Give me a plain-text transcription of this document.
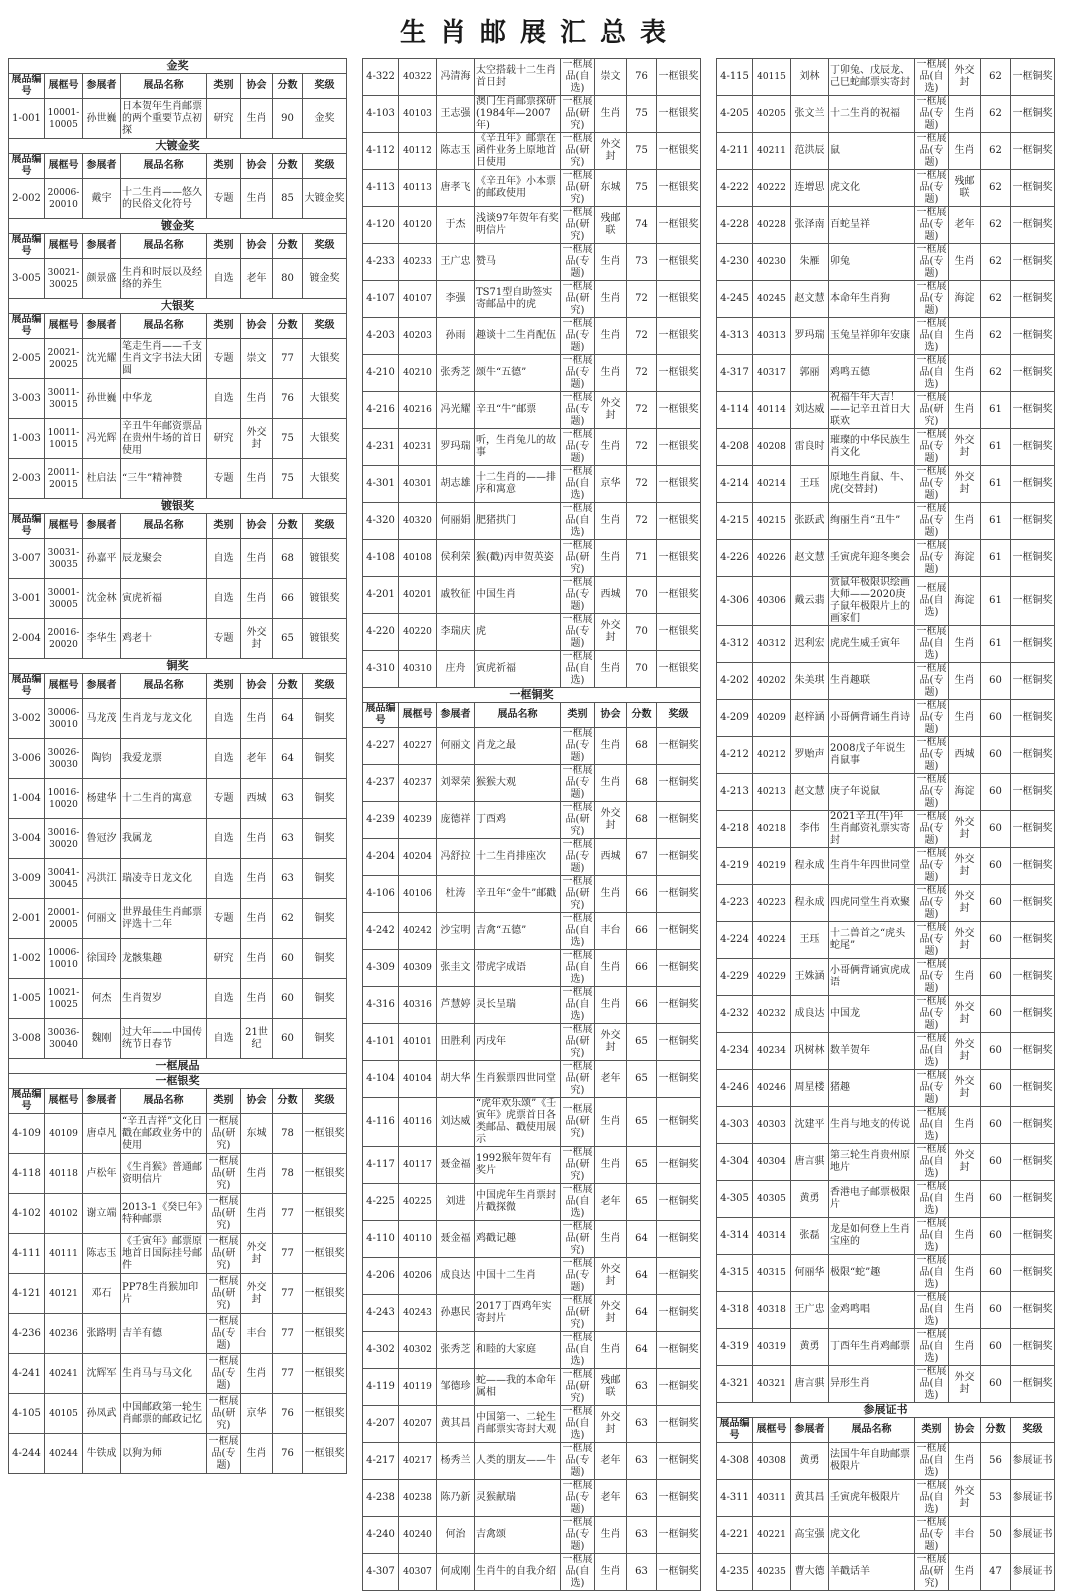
生肖邮展汇总表
金奖							
展品编号	展框号	参展者	展品名称	类别	协会	分数	奖级
1-001	10001-10005	孙世巍	日本贺年生肖邮票的两个重要节点初探	研究	生肖	90	金奖
大镀金奖							
展品编号	展框号	参展者	展品名称	类别	协会	分数	奖级
2-002	20006-20010	戴宇	十二生肖——悠久的民俗文化符号	专题	生肖	85	大镀金奖
镀金奖							
展品编号	展框号	参展者	展品名称	类别	协会	分数	奖级
3-005	30021-30025	颜景盛	生肖和时辰以及经络的养生	自选	老年	80	镀金奖
大银奖							
展品编号	展框号	参展者	展品名称	类别	协会	分数	奖级
2-005	20021-20025	沈光耀	笔走生肖——千支生肖文字书法大团圆	专题	崇文	77	大银奖
3-003	30011-30015	孙世巍	中华龙	自选	生肖	76	大银奖
1-003	10011-10015	冯光辉	辛丑牛年邮资票品在贵州牛场的首日使用	研究	外交封	75	大银奖
2-003	20011-20015	杜启法	“三牛”精神赞	专题	生肖	75	大银奖
镀银奖							
展品编号	展框号	参展者	展品名称	类别	协会	分数	奖级
3-007	30031-30035	孙嘉平	辰龙聚会	自选	生肖	68	镀银奖
3-001	30001-30005	沈金林	寅虎祈福	自选	生肖	66	镀银奖
2-004	20016-20020	李华生	鸡老十	专题	外交封	65	镀银奖
铜奖							
展品编号	展框号	参展者	展品名称	类别	协会	分数	奖级
3-002	30006-30010	马龙茂	生肖龙与龙文化	自选	生肖	64	铜奖
3-006	30026-30030	陶钧	我爱龙票	自选	老年	64	铜奖
1-004	10016-10020	杨建华	十二生肖的寓意	专题	西城	63	铜奖
3-004	30016-30020	鲁冠汐	我属龙	自选	生肖	63	铜奖
3-009	30041-30045	冯洪江	瑞凌寺日龙文化	自选	生肖	63	铜奖
2-001	20001-20005	何丽文	世界最佳生肖邮票评选十二年	专题	生肖	62	铜奖
1-002	10006-10010	徐国玲	龙骸集趣	研究	生肖	60	铜奖
1-005	10021-10025	何杰	生肖贺岁	自选	生肖	60	铜奖
3-008	30036-30040	魏刚	过大年——中国传统节日春节	自选	21世纪	60	铜奖
一框展品							
一框银奖							
展品编号	展框号	参展者	展品名称	类别	协会	分数	奖级
4-109	40109	唐卓凡	“辛丑吉祥”文化日戳在邮政业务中的使用	一框展品(研究)	东城	78	一框银奖
4-118	40118	卢松年	《生肖猴》普通邮资明信片	一框展品(研究)	生肖	78	一框银奖
4-102	40102	谢立端	2013-1《癸巳年》特种邮票	一框展品(研究)	生肖	77	一框银奖
4-111	40111	陈志玉	《壬寅年》邮票原地首日国际挂号邮件	一框展品(研究)	外交封	77	一框银奖
4-121	40121	邓石	PP78生肖猴加印片	一框展品(研究)	外交封	77	一框银奖
4-236	40236	张路明	吉羊有德	一框展品(专题)	丰台	77	一框银奖
4-241	40241	沈辉军	生肖马与马文化	一框展品(专题)	生肖	77	一框银奖
4-105	40105	孙凤武	中国邮政第一轮生肖邮票的邮政记忆	一框展品(研究)	京华	76	一框银奖
4-244	40244	牛铁成	以狗为师	一框展品(专题)	生肖	76	一框银奖
4-322	40322	冯清海	太空搭载十二生肖首日封	一框展品(自选)	崇文	76	一框银奖
4-103	40103	王志强	澳门生肖邮票探研(1984年—2007年)	一框展品(研究)	生肖	75	一框银奖
4-112	40112	陈志玉	《辛丑年》邮票在函件业务上原地首日使用	一框展品(研究)	外交封	75	一框银奖
4-113	40113	唐孝飞	《辛丑年》小本票的邮政使用	一框展品(研究)	东城	75	一框银奖
4-120	40120	于杰	浅谈97年贺年有奖明信片	一框展品(研究)	残邮联	74	一框银奖
4-233	40233	王广忠	赞马	一框展品(专题)	生肖	73	一框银奖
4-107	40107	李强	TS71型自助签实寄邮品中的虎	一框展品(研究)	生肖	72	一框银奖
4-203	40203	孙雨	趣谈十二生肖配伍	一框展品(专题)	生肖	72	一框银奖
4-210	40210	张秀芝	颂牛“五德”	一框展品(专题)	生肖	72	一框银奖
4-216	40216	冯光耀	辛丑“牛”邮票	一框展品(专题)	外交封	72	一框银奖
4-231	40231	罗玛瑞	听，生肖兔儿的故事	一框展品(专题)	生肖	72	一框银奖
4-301	40301	胡志雄	十二生肖的——排序和寓意	一框展品(自选)	京华	72	一框银奖
4-320	40320	何丽娟	肥猪拱门	一框展品(自选)	生肖	72	一框银奖
4-108	40108	侯利荣	猴(戳)丙申贺英姿	一框展品(研究)	生肖	71	一框银奖
4-201	40201	戚牧征	中国生肖	一框展品(专题)	西城	70	一框银奖
4-220	40220	李瑞庆	虎	一框展品(专题)	外交封	70	一框银奖
4-310	40310	庄舟	寅虎祈福	一框展品(自选)	生肖	70	一框银奖
一框铜奖							
展品编号	展框号	参展者	展品名称	类别	协会	分数	奖级
4-227	40227	何丽文	肖龙之最	一框展品(专题)	生肖	68	一框铜奖
4-237	40237	刘翠荣	猴猴大观	一框展品(专题)	生肖	68	一框铜奖
4-239	40239	庞德祥	丁酉鸡	一框展品(研究)	外交封	68	一框铜奖
4-204	40204	冯舒拉	十二生肖排座次	一框展品(专题)	西城	67	一框铜奖
4-106	40106	杜涛	辛丑年“金牛”邮戳	一框展品(研究)	生肖	66	一框铜奖
4-242	40242	沙宝明	吉禽“五德”	一框展品(自选)	丰台	66	一框铜奖
4-309	40309	张圭文	带虎字成语	一框展品(自选)	生肖	66	一框铜奖
4-316	40316	芦慧婷	灵长呈瑞	一框展品(自选)	生肖	66	一框铜奖
4-101	40101	田胜利	丙戌年	一框展品(研究)	外交封	65	一框铜奖
4-104	40104	胡大华	生肖猴票四世同堂	一框展品(研究)	老年	65	一框铜奖
4-116	40116	刘达威	“虎年欢乐颂”《壬寅年》虎票首日各类邮品、戳使用展示	一框展品(研究)	生肖	65	一框铜奖
4-117	40117	聂金福	1992猴年贺年有奖片	一框展品(研究)	生肖	65	一框铜奖
4-225	40225	刘进	中国虎年生肖票封片戳探微	一框展品(自选)	老年	65	一框铜奖
4-110	40110	聂金福	鸡戳记趣	一框展品(研究)	生肖	64	一框铜奖
4-206	40206	成良达	中国十二生肖	一框展品(专题)	外交封	64	一框铜奖
4-243	40243	孙惠民	2017丁酉鸡年实寄封片	一框展品(研究)	外交封	64	一框铜奖
4-302	40302	张秀芝	和睦的大家庭	一框展品(自选)	生肖	64	一框铜奖
4-119	40119	邹德珍	蛇——我的本命年属相	一框展品(研究)	残邮联	63	一框铜奖
4-207	40207	黄其昌	中国第一、二轮生肖邮票实寄封大观	一框展品(自选)	外交封	63	一框铜奖
4-217	40217	杨秀兰	人类的朋友——牛	一框展品(专题)	老年	63	一框铜奖
4-238	40238	陈乃新	灵猴献瑞	一框展品(专题)	老年	63	一框铜奖
4-240	40240	何治	吉禽颂	一框展品(专题)	生肖	63	一框铜奖
4-307	40307	何成刚	生肖牛的自我介绍	一框展品(自选)	生肖	63	一框铜奖
4-115	40115	刘林	丁卯兔、戊辰龙、己巳蛇邮票实寄封	一框展品(自选)	外交封	62	一框铜奖
4-205	40205	张文兰	十二生肖的祝福	一框展品(专题)	生肖	62	一框铜奖
4-211	40211	范洪辰	鼠	一框展品(专题)	生肖	62	一框铜奖
4-222	40222	连增思	虎文化	一框展品(专题)	残邮联	62	一框铜奖
4-228	40228	张泽南	百蛇呈祥	一框展品(专题)	老年	62	一框铜奖
4-230	40230	朱雁	卯兔	一框展品(专题)	生肖	62	一框铜奖
4-245	40245	赵文慧	本命年生肖狗	一框展品(专题)	海淀	62	一框铜奖
4-313	40313	罗玛瑞	玉兔呈祥卯年安康	一框展品(自选)	生肖	62	一框铜奖
4-317	40317	郭丽	鸡鸣五德	一框展品(自选)	生肖	62	一框铜奖
4-114	40114	刘达威	祝福牛年大吉！——记辛丑首日大联欢	一框展品(研究)	生肖	61	一框铜奖
4-208	40208	雷良时	璀璨的中华民族生肖文化	一框展品(专题)	外交封	61	一框铜奖
4-214	40214	王珏	原地生肖鼠、牛、虎(交替封)	一框展品(专题)	外交封	61	一框铜奖
4-215	40215	张跃武	绚丽生肖“丑牛”	一框展品(专题)	生肖	61	一框铜奖
4-226	40226	赵文慧	壬寅虎年迎冬奥会	一框展品(专题)	海淀	61	一框铜奖
4-306	40306	戴云翡	赏鼠年极限识绘画大师——2020庚子鼠年极限片上的画家们	一框展品(自选)	海淀	61	一框铜奖
4-312	40312	迟利宏	虎虎生威壬寅年	一框展品(自选)	生肖	61	一框铜奖
4-202	40202	朱美琪	生肖趣联	一框展品(专题)	生肖	60	一框铜奖
4-209	40209	赵梓涵	小哥俩背诵生肖诗	一框展品(专题)	生肖	60	一框铜奖
4-212	40212	罗贻声	2008戊子年说生肖鼠事	一框展品(专题)	西城	60	一框铜奖
4-213	40213	赵文慧	庚子年说鼠	一框展品(专题)	海淀	60	一框铜奖
4-218	40218	李伟	2021辛丑(牛)年生肖邮资礼票实寄封	一框展品(专题)	外交封	60	一框铜奖
4-219	40219	程永成	生肖牛年四世同堂	一框展品(专题)	外交封	60	一框铜奖
4-223	40223	程永成	四虎同堂生肖欢聚	一框展品(专题)	外交封	60	一框铜奖
4-224	40224	王珏	十二兽首之“虎头蛇尾”	一框展品(专题)	外交封	60	一框铜奖
4-229	40229	王姝涵	小哥俩背诵寅虎成语	一框展品(专题)	生肖	60	一框铜奖
4-232	40232	成良达	中国龙	一框展品(专题)	外交封	60	一框铜奖
4-234	40234	巩树林	数羊贺年	一框展品(自选)	外交封	60	一框铜奖
4-246	40246	周星楼	猪趣	一框展品(专题)	外交封	60	一框铜奖
4-303	40303	沈建平	生肖与地支的传说	一框展品(自选)	生肖	60	一框铜奖
4-304	40304	唐言骐	第三轮生肖贵州原地片	一框展品(自选)	外交封	60	一框铜奖
4-305	40305	黄勇	香港电子邮票极限片	一框展品(自选)	生肖	60	一框铜奖
4-314	40314	张磊	龙是如何登上生肖宝座的	一框展品(自选)	生肖	60	一框铜奖
4-315	40315	何丽华	极限“蛇”趣	一框展品(自选)	生肖	60	一框铜奖
4-318	40318	王广忠	金鸡鸣唱	一框展品(自选)	生肖	60	一框铜奖
4-319	40319	黄勇	丁酉年生肖鸡邮票	一框展品(自选)	生肖	60	一框铜奖
4-321	40321	唐言骐	异形生肖	一框展品(自选)	外交封	60	一框铜奖
参展证书							
展品编号	展框号	参展者	展品名称	类别	协会	分数	奖级
4-308	40308	黄勇	法国牛年自助邮票极限片	一框展品(自选)	生肖	56	参展证书
4-311	40311	黄其昌	壬寅虎年极限片	一框展品(自选)	外交封	53	参展证书
4-221	40221	高宝强	虎文化	一框展品(专题)	丰台	50	参展证书
4-235	40235	曹大德	羊戳话羊	一框展品(研究)	生肖	47	参展证书
